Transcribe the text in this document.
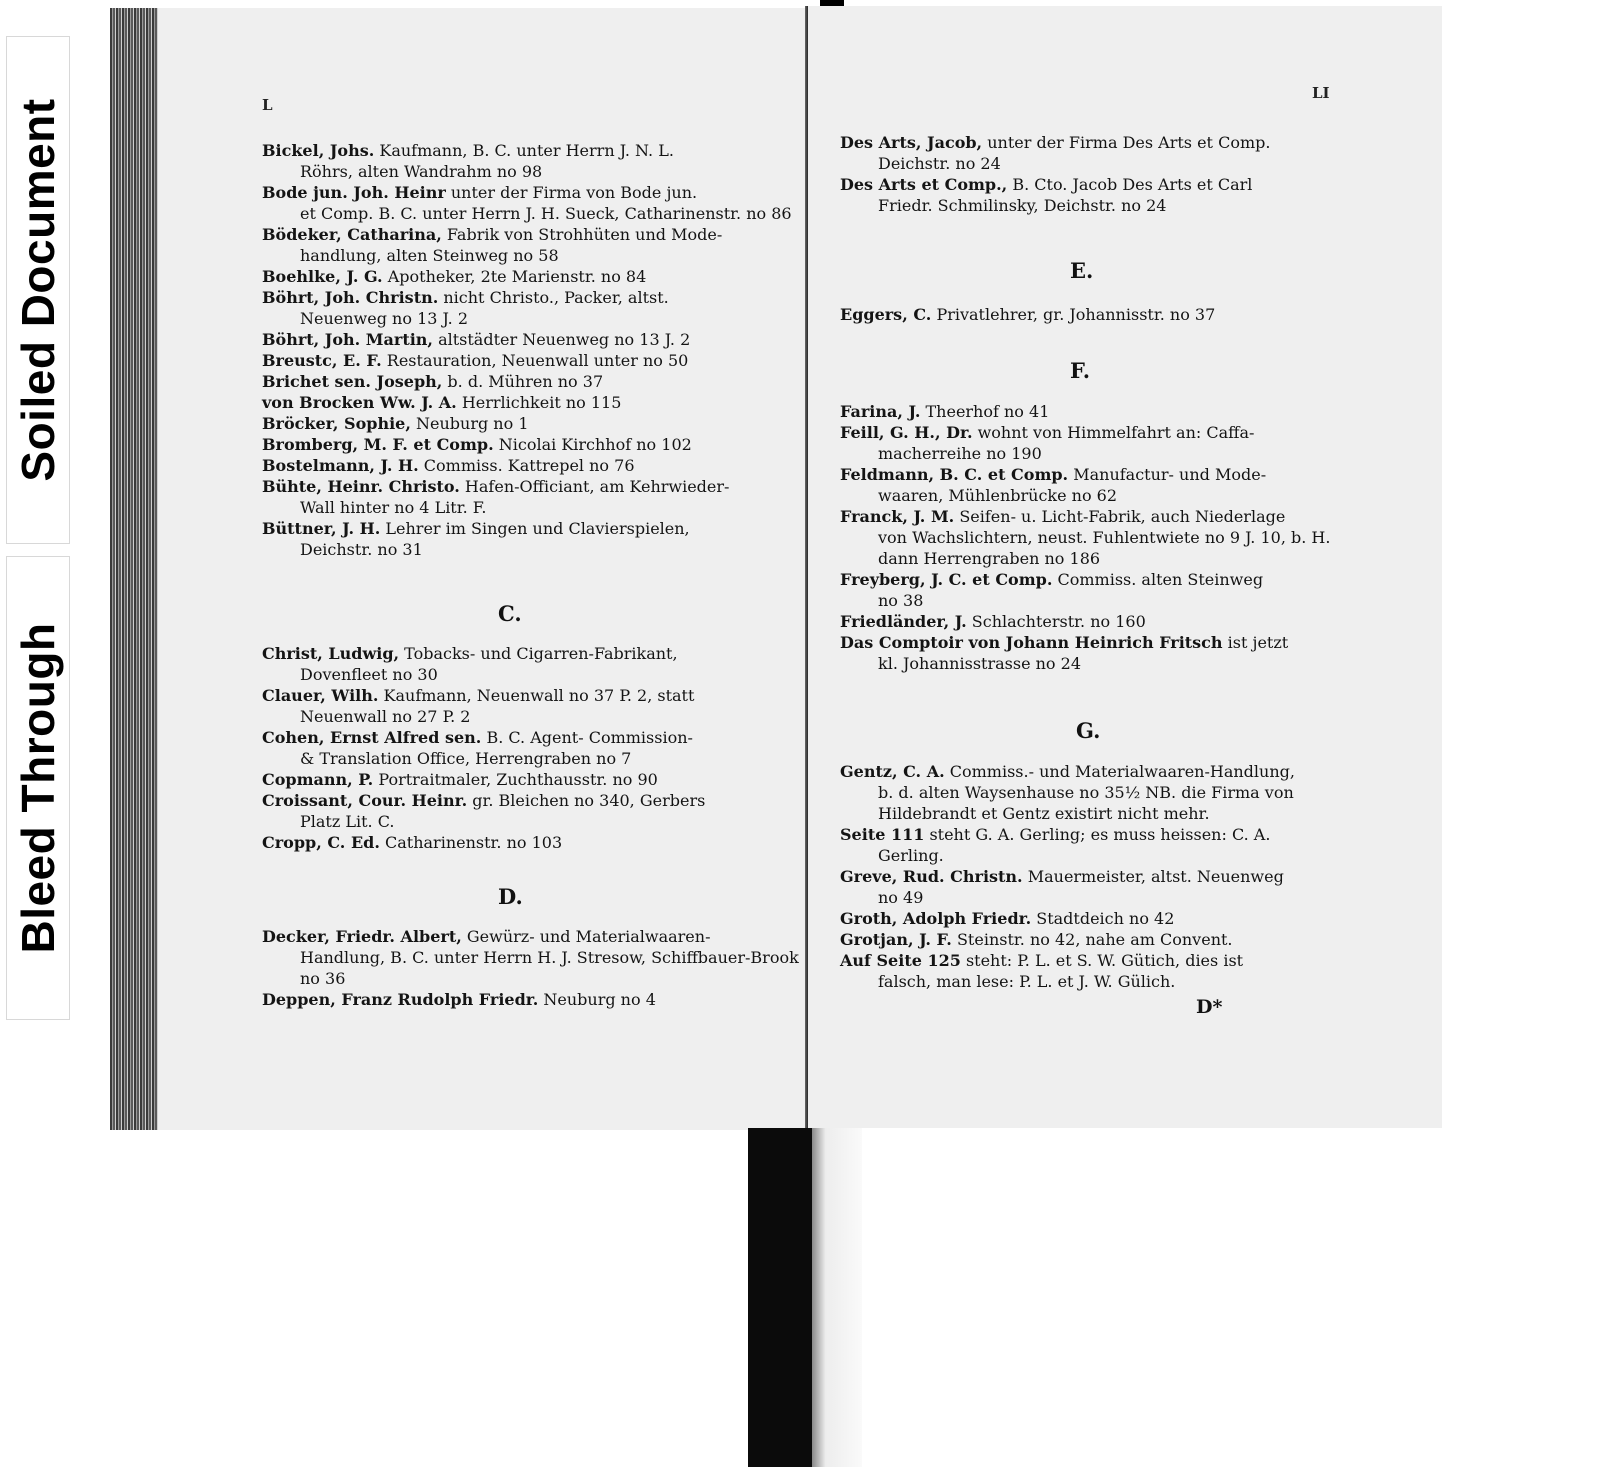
Soiled Document
Bleed Through
L

Bickel, Johs. Kaufmann, B. C. unter Herrn J. N. L.
Röhrs, alten Wandrahm no 98

Bode jun. Joh. Heinr unter der Firma von Bode jun.
et Comp. B. C. unter Herrn J. H. Sueck, Catharinenstr. no 86

Bödeker, Catharina, Fabrik von Strohhüten und Mode-
handlung, alten Steinweg no 58

Boehlke, J. G. Apotheker, 2te Marienstr. no 84

Böhrt, Joh. Christn. nicht Christo., Packer, altst.
Neuenweg no 13 J. 2

Böhrt, Joh. Martin, altstädter Neuenweg no 13 J. 2

Breustc, E. F. Restauration, Neuenwall unter no 50

Brichet sen. Joseph, b. d. Mühren no 37

von Brocken Ww. J. A. Herrlichkeit no 115

Bröcker, Sophie, Neuburg no 1

Bromberg, M. F. et Comp. Nicolai Kirchhof no 102

Bostelmann, J. H. Commiss. Kattrepel no 76

Bühte, Heinr. Christo. Hafen-Officiant, am Kehrwieder-
Wall hinter no 4 Litr. F.

Büttner, J. H. Lehrer im Singen und Clavierspielen,
Deichstr. no 31

C.

Christ, Ludwig, Tobacks- und Cigarren-Fabrikant,
Dovenfleet no 30

Clauer, Wilh. Kaufmann, Neuenwall no 37 P. 2, statt
Neuenwall no 27 P. 2

Cohen, Ernst Alfred sen. B. C. Agent- Commission-
& Translation Office, Herrengraben no 7

Copmann, P. Portraitmaler, Zuchthausstr. no 90

Croissant, Cour. Heinr. gr. Bleichen no 340, Gerbers
Platz Lit. C.

Cropp, C. Ed. Catharinenstr. no 103

D.

Decker, Friedr. Albert, Gewürz- und Materialwaaren-
Handlung, B. C. unter Herrn H. J. Stresow, Schiffbauer-Brook no 36

Deppen, Franz Rudolph Friedr. Neuburg no 4

LI

Des Arts, Jacob, unter der Firma Des Arts et Comp.
Deichstr. no 24

Des Arts et Comp., B. Cto. Jacob Des Arts et Carl
Friedr. Schmilinsky, Deichstr. no 24

E.

Eggers, C. Privatlehrer, gr. Johannisstr. no 37

F.

Farina, J. Theerhof no 41

Feill, G. H., Dr. wohnt von Himmelfahrt an: Caffa-
macherreihe no 190

Feldmann, B. C. et Comp. Manufactur- und Mode-
waaren, Mühlenbrücke no 62

Franck, J. M. Seifen- u. Licht-Fabrik, auch Niederlage
von Wachslichtern, neust. Fuhlentwiete no 9 J. 10, b. H. dann Herrengraben no 186

Freyberg, J. C. et Comp. Commiss. alten Steinweg
no 38

Friedländer, J. Schlachterstr. no 160

Das Comptoir von Johann Heinrich Fritsch ist jetzt
kl. Johannisstrasse no 24

G.

Gentz, C. A. Commiss.- und Materialwaaren-Handlung,
b. d. alten Waysenhause no 35½ NB. die Firma von Hildebrandt et Gentz existirt nicht mehr.

Seite 111 steht G. A. Gerling; es muss heissen: C. A.
Gerling.

Greve, Rud. Christn. Mauermeister, altst. Neuenweg
no 49

Groth, Adolph Friedr. Stadtdeich no 42

Grotjan, J. F. Steinstr. no 42, nahe am Convent.

Auf Seite 125 steht: P. L. et S. W. Gütich, dies ist
falsch, man lese: P. L. et J. W. Gülich.

D*
